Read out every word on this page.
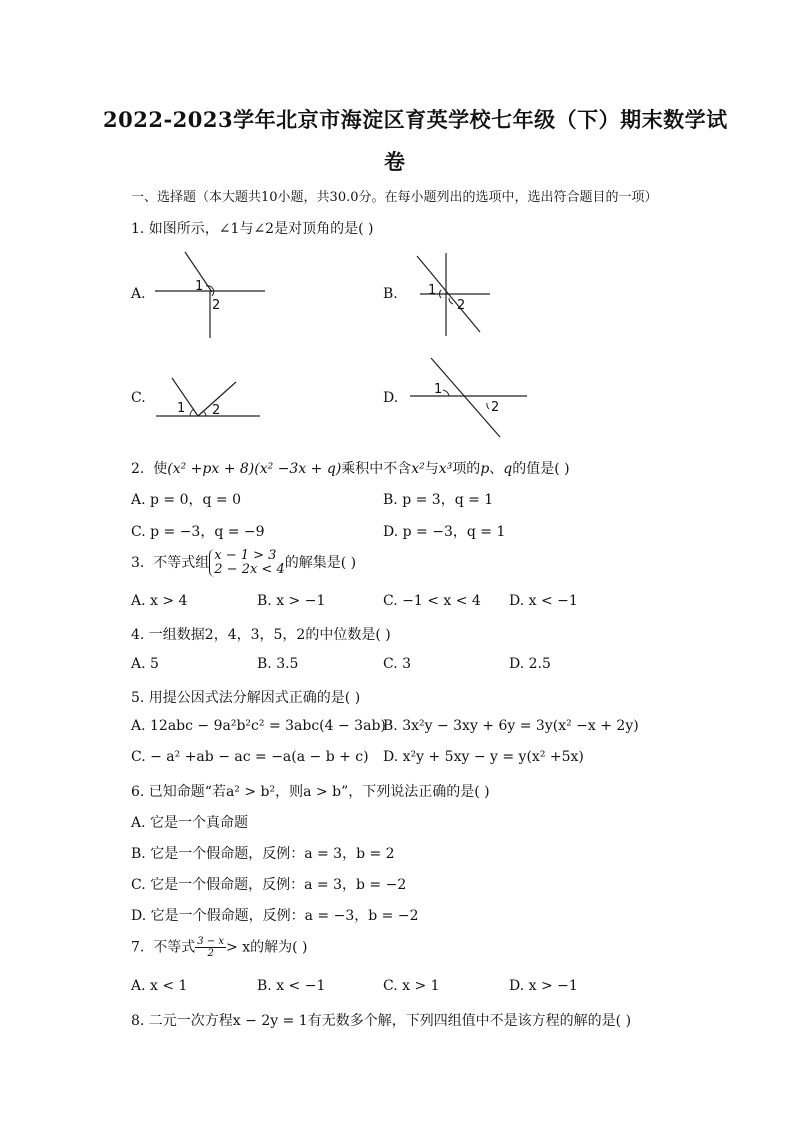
2022-2023学年北京市海淀区育英学校七年级（下）期末数学试
卷
一、选择题（本大题共10小题，共30.0分。在每小题列出的选项中，选出符合题目的一项）
1. 如图所示，∠1与∠2是对顶角的是( )
A.	1
2
B. 1
2
C.
1 2
D.
1
2
2. 使(x² +px + 8)(x² −3x + q)乘积中不含x²与x³项的p、q的值是( )
A. p = 0，q = 0	B. p = 3，q = 1
C. p = −3，q = −9	D. p = −3，q = 1
3. 不等式组 x − 1 > 3
2 − 2x < 4 的解集是( )
A. x > 4	B. x > −1	C. −1 < x < 4 D. x < −1
4. 一组数据2，4，3，5，2的中位数是( )
A. 5	B. 3.5	C. 3	D. 2.5
5. 用提公因式法分解因式正确的是( )
A. 12abc − 9a²b²c² = 3abc(4 − 3ab)
B. 3x²y − 3xy + 6y = 3y(x² −x + 2y)
C. − a² +ab − ac = −a(a − b + c) D. x²y + 5xy − y = y(x² +5x)
6. 已知命题“若a² > b²，则a > b”，下列说法正确的是( )
A. 它是一个真命题
B. 它是一个假命题，反例：a = 3，b = 2
C. 它是一个假命题，反例：a = 3，b = −2
D. 它是一个假命题，反例：a = −3，b = −2
7. 不等式 $\frac{3 - x}{2} > x$的解为( )
A. x < 1	B. x < −1	C. x > 1	D. x > −1
8. 二元一次方程x − 2y = 1有无数多个解，下列四组值中不是该方程的解的是( )
